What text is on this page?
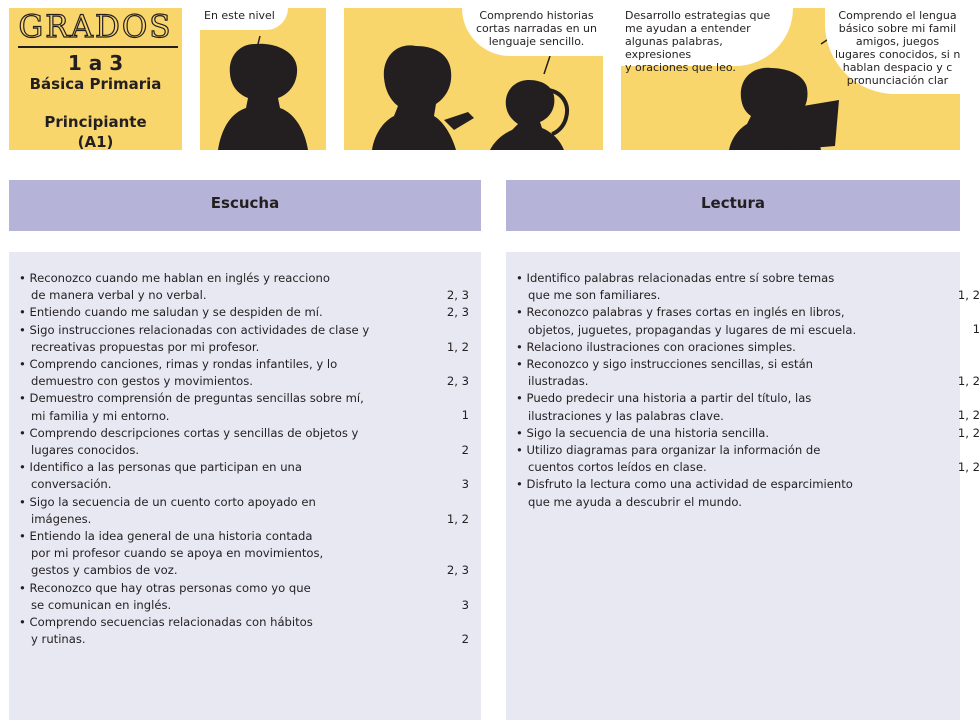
GRADOS
1 a 3
Básica Primaria
Principiante
(A1)
En este nivel	Comprendo historias
cortas narradas en un
lenguaje sencillo.
Desarrollo estrategias que
me ayudan a entender
algunas palabras, expresiones
y oraciones que leo.
Comprendo el lengua
básico sobre mi famil
amigos, juegos
lugares conocidos, si n
hablan despacio y c
pronunciación clar
Escucha	Lectura
• Reconozco cuando me hablan en inglés y reacciono
de manera verbal y no verbal.	2, 3
• Entiendo cuando me saludan y se despiden de mí.	2, 3
• Sigo instrucciones relacionadas con actividades de clase y
recreativas propuestas por mi profesor.	1, 2
• Comprendo canciones, rimas y rondas infantiles, y lo
demuestro con gestos y movimientos.	2, 3
• Demuestro comprensión de preguntas sencillas sobre mí,
mi familia y mi entorno.	1
• Comprendo descripciones cortas y sencillas de objetos y
lugares conocidos.	2
• Identifico a las personas que participan en una
conversación.	3
• Sigo la secuencia de un cuento corto apoyado en
imágenes.	1, 2
• Entiendo la idea general de una historia contada
por mi profesor cuando se apoya en movimientos,
gestos y cambios de voz.	2, 3
• Reconozco que hay otras personas como yo que
se comunican en inglés.	3
• Comprendo secuencias relacionadas con hábitos
y rutinas.	2
• Identifico palabras relacionadas entre sí sobre temas
que me son familiares.	1, 2
• Reconozco palabras y frases cortas en inglés en libros,
objetos, juguetes, propagandas y lugares de mi escuela.	1
• Relaciono ilustraciones con oraciones simples.
• Reconozco y sigo instrucciones sencillas, si están
ilustradas.	1, 2
• Puedo predecir una historia a partir del título, las
ilustraciones y las palabras clave.	1, 2
• Sigo la secuencia de una historia sencilla.	1, 2
• Utilizo diagramas para organizar la información de
cuentos cortos leídos en clase.	1, 2
• Disfruto la lectura como una actividad de esparcimiento
que me ayuda a descubrir el mundo.
